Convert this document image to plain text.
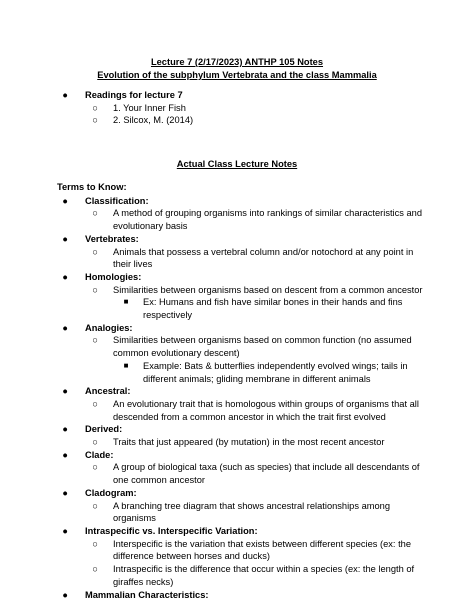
Lecture 7 (2/17/2023) ANTHP 105 Notes
Evolution of the subphylum Vertebrata and the class Mammalia
● Readings for lecture 7
○ 1. Your Inner Fish
○ 2. Silcox, M. (2014)
Actual Class Lecture Notes
Terms to Know:
● Classification:
○ A method of grouping organisms into rankings of similar characteristics and evolutionary basis
● Vertebrates:
○ Animals that possess a vertebral column and/or notochord at any point in their lives
● Homologies:
○ Similarities between organisms based on descent from a common ancestor
■ Ex: Humans and fish have similar bones in their hands and fins respectively
● Analogies:
○ Similarities between organisms based on common function (no assumed common evolutionary descent)
■ Example: Bats & butterflies independently evolved wings; tails in different animals; gliding membrane in different animals
● Ancestral:
○ An evolutionary trait that is homologous within groups of organisms that all descended from a common ancestor in which the trait first evolved
● Derived:
○ Traits that just appeared (by mutation) in the most recent ancestor
● Clade:
○ A group of biological taxa (such as species) that include all descendants of one common ancestor
● Cladogram:
○ A branching tree diagram that shows ancestral relationships among organisms
● Intraspecific vs. Interspecific Variation:
○ Interspecific is the variation that exists between different species (ex: the difference between horses and ducks)
○ Intraspecific is the difference that occur within a species (ex: the length of giraffes necks)
● Mammalian Characteristics:
